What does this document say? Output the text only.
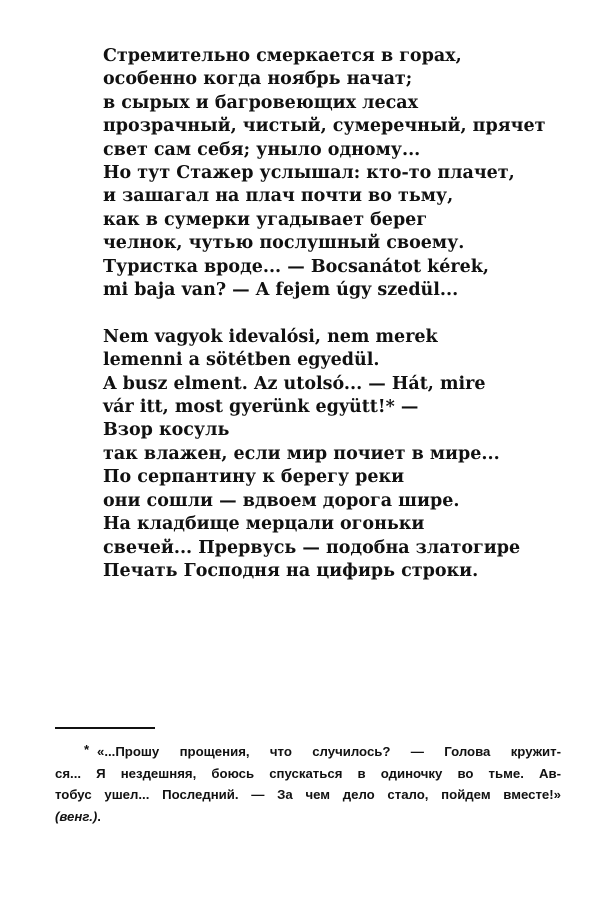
Стремительно смеркается в горах,
особенно когда ноябрь начат;
в сырых и багровеющих лесах
прозрачный, чистый, сумеречный, прячет
свет сам себя; уныло одному...
Но тут Стажер услышал: кто-то плачет,
и зашагал на плач почти во тьму,
как в сумерки угадывает берег
челнок, чутью послушный своему.
Туристка вроде... — Bocsanátot kérek,
mi baja van? — A fejem úgy szedül...

Nem vagyok idevalósi, nem merek
lemenni a sötétben egyedül.
A busz elment. Az utolsó... — Hát, mire
vár itt, most gyerünk együtt!* —
Взор косуль
так влажен, если мир почиет в мире...
По серпантину к берегу реки
они сошли — вдвоем дорога шире.
На кладбище мерцали огоньки
свечей... Прервусь — подобна златогире
Печать Господня на цифирь строки.

* «...Прошу прощения, что случилось? — Голова кружит-
ся... Я нездешняя, боюсь спускаться в одиночку во тьме. Ав-
тобус ушел... Последний. — За чем дело стало, пойдем вместе!»
(венг.).
